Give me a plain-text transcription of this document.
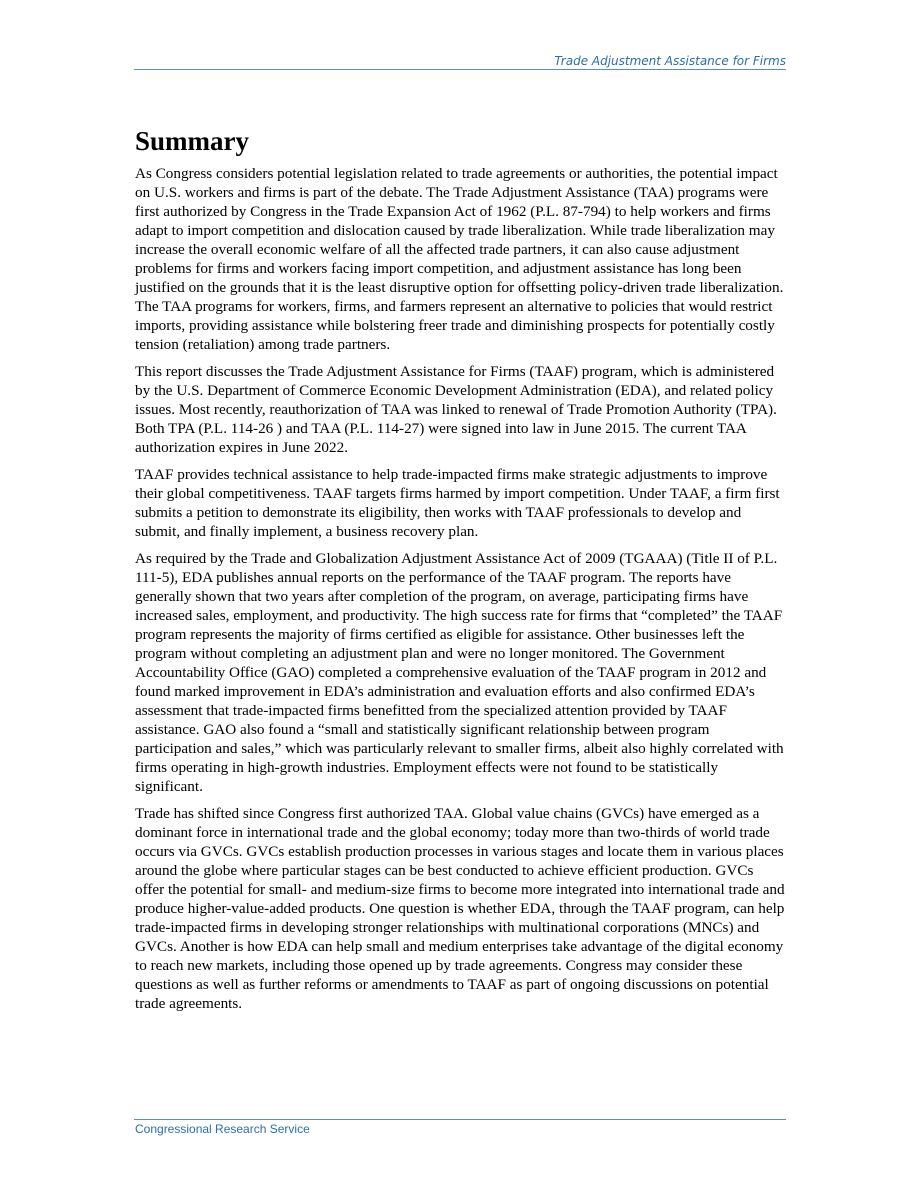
Trade Adjustment Assistance for Firms
Summary

As Congress considers potential legislation related to trade agreements or authorities, the potential impact on U.S. workers and firms is part of the debate. The Trade Adjustment Assistance (TAA) programs were first authorized by Congress in the Trade Expansion Act of 1962 (P.L. 87-794) to help workers and firms adapt to import competition and dislocation caused by trade liberalization. While trade liberalization may increase the overall economic welfare of all the affected trade partners, it can also cause adjustment problems for firms and workers facing import competition, and adjustment assistance has long been justified on the grounds that it is the least disruptive option for offsetting policy-driven trade liberalization. The TAA programs for workers, firms, and farmers represent an alternative to policies that would restrict imports, providing assistance while bolstering freer trade and diminishing prospects for potentially costly tension (retaliation) among trade partners.

This report discusses the Trade Adjustment Assistance for Firms (TAAF) program, which is administered by the U.S. Department of Commerce Economic Development Administration (EDA), and related policy issues. Most recently, reauthorization of TAA was linked to renewal of Trade Promotion Authority (TPA). Both TPA (P.L. 114-26 ) and TAA (P.L. 114-27) were signed into law in June 2015. The current TAA authorization expires in June 2022.

TAAF provides technical assistance to help trade-impacted firms make strategic adjustments to improve their global competitiveness. TAAF targets firms harmed by import competition. Under TAAF, a firm first submits a petition to demonstrate its eligibility, then works with TAAF professionals to develop and submit, and finally implement, a business recovery plan.

As required by the Trade and Globalization Adjustment Assistance Act of 2009 (TGAAA) (Title II of P.L. 111-5), EDA publishes annual reports on the performance of the TAAF program. The reports have generally shown that two years after completion of the program, on average, participating firms have increased sales, employment, and productivity. The high success rate for firms that “completed” the TAAF program represents the majority of firms certified as eligible for assistance. Other businesses left the program without completing an adjustment plan and were no longer monitored. The Government Accountability Office (GAO) completed a comprehensive evaluation of the TAAF program in 2012 and found marked improvement in EDA’s administration and evaluation efforts and also confirmed EDA’s assessment that trade-impacted firms benefitted from the specialized attention provided by TAAF assistance. GAO also found a “small and statistically significant relationship between program participation and sales,” which was particularly relevant to smaller firms, albeit also highly correlated with firms operating in high-growth industries. Employment effects were not found to be statistically significant.

Trade has shifted since Congress first authorized TAA. Global value chains (GVCs) have emerged as a dominant force in international trade and the global economy; today more than two-thirds of world trade occurs via GVCs. GVCs establish production processes in various stages and locate them in various places around the globe where particular stages can be best conducted to achieve efficient production. GVCs offer the potential for small- and medium-size firms to become more integrated into international trade and produce higher-value-added products. One question is whether EDA, through the TAAF program, can help trade-impacted firms in developing stronger relationships with multinational corporations (MNCs) and GVCs. Another is how EDA can help small and medium enterprises take advantage of the digital economy to reach new markets, including those opened up by trade agreements. Congress may consider these questions as well as further reforms or amendments to TAAF as part of ongoing discussions on potential trade agreements.

Congressional Research Service
